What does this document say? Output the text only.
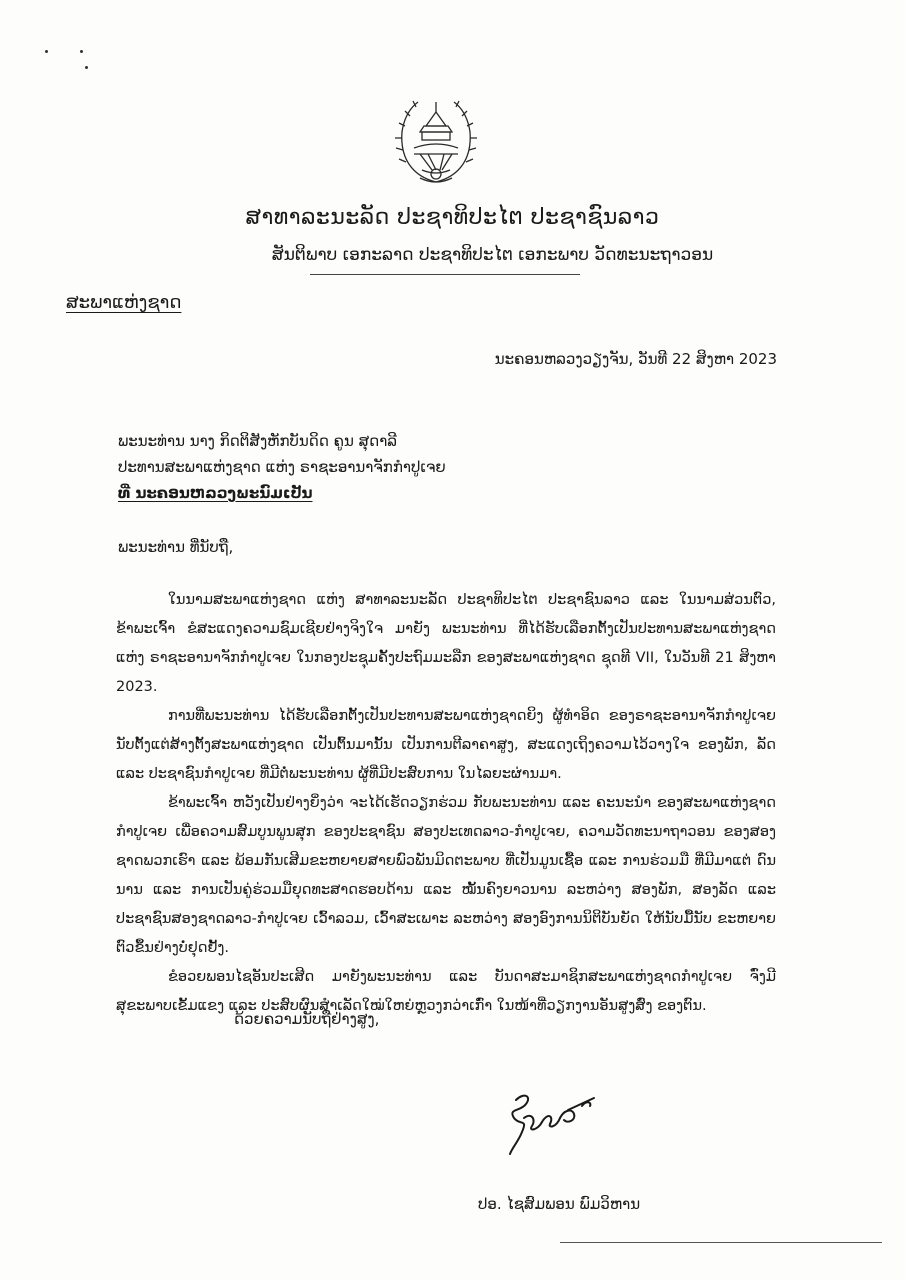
ສາທາລະນະລັດ ປະຊາທິປະໄຕ ປະຊາຊົນລາວ
ສັນຕິພາບ ເອກະລາດ ປະຊາທິປະໄຕ ເອກະພາບ ວັດທະນະຖາວອນ
ສະພາແຫ່ງຊາດ
ນະຄອນຫລວງວຽງຈັນ, ວັນທີ 22 ສິງຫາ 2023
ພະນະທ່ານ ນາງ ກິດຕິສັງຫັກບັນດິດ ຄູນ ສຸດາລີ
ປະທານສະພາແຫ່ງຊາດ ແຫ່ງ ຣາຊະອານາຈັກກຳປູເຈຍ
ທີ່ ນະຄອນຫລວງພະນົມເປັນ
ພະນະທ່ານ ທີ່ນັບຖື,

ໃນນາມສະພາແຫ່ງຊາດ ແຫ່ງ ສາທາລະນະລັດ ປະຊາທິປະໄຕ ປະຊາຊົນລາວ ແລະ ໃນນາມສ່ວນຕົວ, ຂ້າພະເຈົ້າ ຂໍສະແດງຄວາມຊົມເຊີຍຢ່າງຈິງໃຈ ມາຍັງ ພະນະທ່ານ ທີ່ໄດ້ຮັບເລືອກຕັ້ງເປັນປະທານສະພາແຫ່ງຊາດ ແຫ່ງ ຣາຊະອານາຈັກກຳປູເຈຍ ໃນກອງປະຊຸມຄັ້ງປະຖົມມະລືກ ຂອງສະພາແຫ່ງຊາດ ຊຸດທີ VII, ໃນວັນທີ 21 ສິງຫາ 2023.

ການທີ່ພະນະທ່ານ ໄດ້ຮັບເລືອກຕັ້ງເປັນປະທານສະພາແຫ່ງຊາດຍິງ ຜູ້ທຳອິດ ຂອງຣາຊະອານາຈັກກຳປູເຈຍ ນັບຕັ້ງແຕ່ສ້າງຕັ້ງສະພາແຫ່ງຊາດ ເປັນຕົ້ນມານັ້ນ ເປັນການຕີລາຄາສູງ, ສະແດງເຖິງຄວາມໄວ້ວາງໃຈ ຂອງພັກ, ລັດ ແລະ ປະຊາຊົນກຳປູເຈຍ ທີ່ມີຕໍ່ພະນະທ່ານ ຜູ້ທີ່ມີປະສົບການ ໃນໄລຍະຜ່ານມາ.

ຂ້າພະເຈົ້າ ຫວັງເປັນຢ່າງຍິ່ງວ່າ ຈະໄດ້ເຮັດວຽກຮ່ວມ ກັບພະນະທ່ານ ແລະ ຄະນະນຳ ຂອງສະພາແຫ່ງຊາດ ກຳປູເຈຍ ເພື່ອຄວາມສົມບູນພູນສຸກ ຂອງປະຊາຊົນ ສອງປະເທດລາວ-ກຳປູເຈຍ, ຄວາມວັດທະນາຖາວອນ ຂອງສອງ ຊາດພວກເຮົາ ແລະ ພ້ອມກັນເສີມຂະຫຍາຍສາຍພົວພັນມິດຕະພາບ ທີ່ເປັນມູນເຊື້ອ ແລະ ການຮ່ວມມື ທີ່ມີມາແຕ່ ດົນນານ ແລະ ການເປັນຄູ່ຮ່ວມມືຍຸດທະສາດຮອບດ້ານ ແລະ ໝັ້ນຄົງຍາວນານ ລະຫວ່າງ ສອງພັກ, ສອງລັດ ແລະ ປະຊາຊົນສອງຊາດລາວ-ກຳປູເຈຍ ເວົ້າລວມ, ເວົ້າສະເພາະ ລະຫວ່າງ ສອງອົງການນິຕິບັນຍັດ ໃຫ້ນັບມື້ນັບ ຂະຫຍາຍຕົວຂຶ້ນຢ່າງບໍ່ຢຸດຢັ້ງ.

ຂໍອວຍພອນໄຊອັນປະເສີດ ມາຍັງພະນະທ່ານ ແລະ ບັນດາສະມາຊິກສະພາແຫ່ງຊາດກຳປູເຈຍ ຈົ່ງມີ ສຸຂະພາບເຂັ້ມແຂງ ແລະ ປະສົບຜົນສຳເລັດໃໝ່ໃຫຍ່ຫຼວງກວ່າເກົ່າ ໃນໜ້າທີ່ວຽກງານອັນສູງສົ່ງ ຂອງຕົນ.

ດ້ວຍຄວາມນັບຖືຢ່າງສູງ,
ປອ. ໄຊສົມພອນ ພົມວິຫານ
